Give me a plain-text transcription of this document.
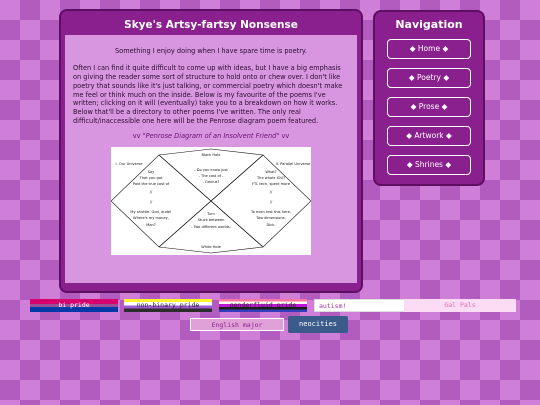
Skye's Artsy-fartsy Nonsense

Something I enjoy doing when I have spare time is poetry.

Often I can find it quite difficult to come up with ideas, but I have a big emphasis on giving the reader some sort of structure to hold onto or chew over. I don't like poetry that sounds like it's just talking, or commercial poetry which doesn't make me feel or think much on the inside. Below is my favourite of the poems I've written; clicking on it will (eventually) take you to a breakdown on how it works. Below that'll be a directory to other poems I've written. The only real difficult/inaccessible one here will be the Penrose diagram poem featured.

vv "Penrose Diagram of an Insolvent Friend" vv

Black Hole
White Hole
I. Our Universe	II. Parallel Universe
Say
That you got
Paid the true cost of
//
//
My shuttle. God, dude!
Where's my money,
Man?
- Do you know just
- The cost of -
- Genius?
Turn
Stuck between
- Two different worlds.
What?
The whole IOU?
FTL tech, spent more
//
//
To even test this here.
Two dimensions,
Dick.
Navigation
◆ Home ◆
◆ Poetry ◆
◆ Prose ◆
◆ Artwork ◆
◆ Shrines ◆
bi pride	non-binary pride	genderfluid pride	autism!	Gal Pals
English major	neocities
